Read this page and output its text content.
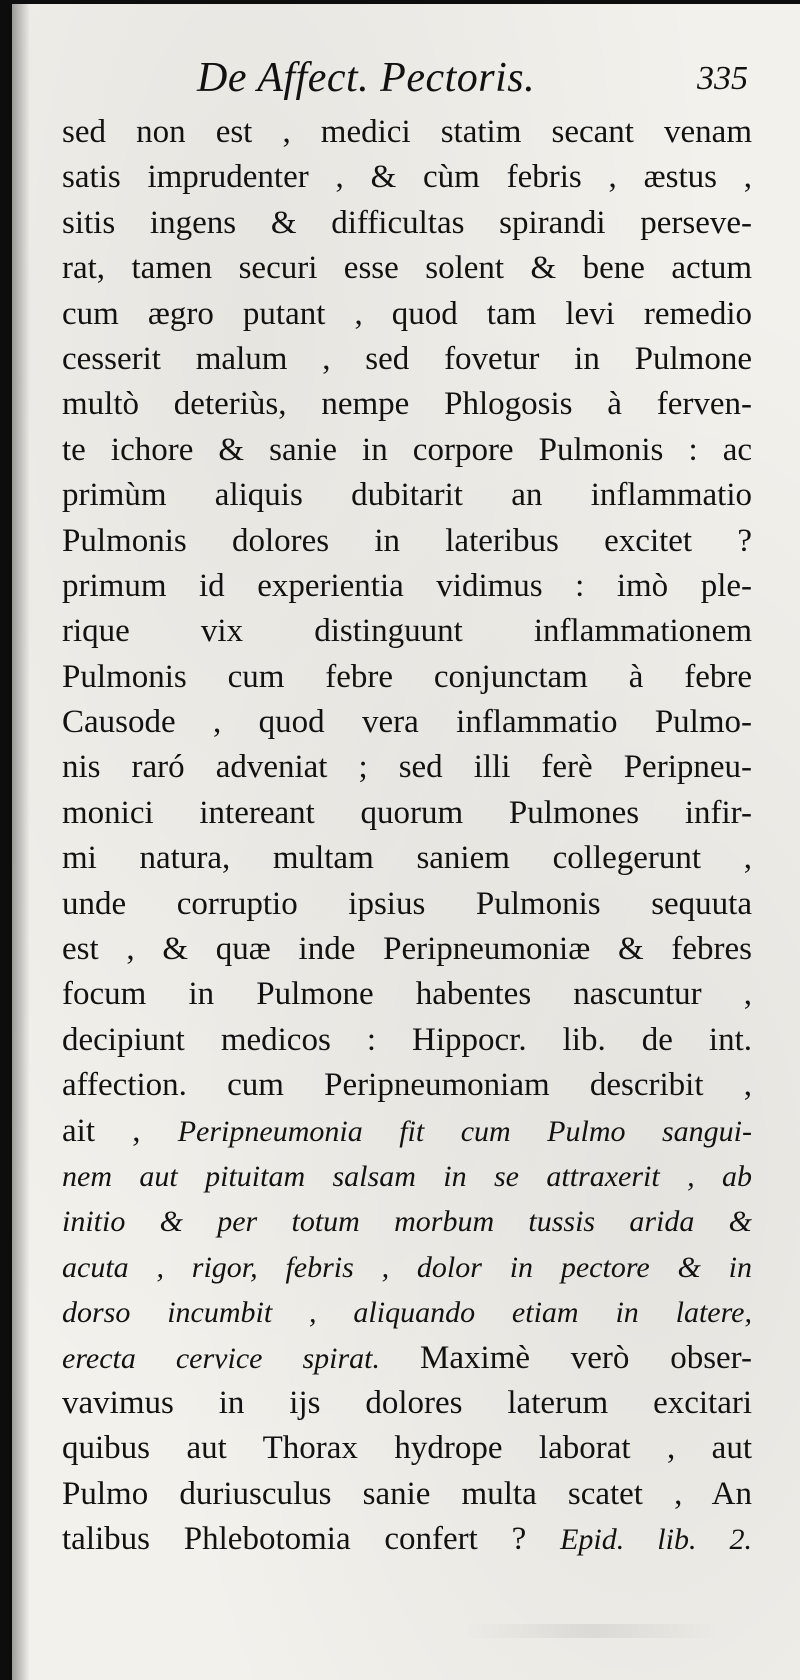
De Affect. Pectoris.	335
sed non est , medici statim secant venam
satis imprudenter , & cùm febris , æstus ,
sitis ingens & difficultas spirandi perseve-
rat, tamen securi esse solent & bene actum
cum ægro putant , quod tam levi remedio
cesserit malum , sed fovetur in Pulmone
multò deteriùs, nempe Phlogosis à ferven-
te ichore & sanie in corpore Pulmonis : ac
primùm aliquis dubitarit an inflammatio
Pulmonis dolores in lateribus excitet ?
primum id experientia vidimus : imò ple-
rique vix distinguunt inflammationem
Pulmonis cum febre conjunctam à febre
Causode , quod vera inflammatio Pulmo-
nis raró adveniat ; sed illi ferè Peripneu-
monici intereant quorum Pulmones infir-
mi natura, multam saniem collegerunt ,
unde corruptio ipsius Pulmonis sequuta
est , & quæ inde Peripneumoniæ & febres
focum in Pulmone habentes nascuntur ,
decipiunt medicos : Hippocr. lib. de int.
affection. cum Peripneumoniam describit ,
ait , Peripneumonia fit cum Pulmo sangui-
nem aut pituitam salsam in se attraxerit , ab
initio & per totum morbum tussis arida &
acuta , rigor, febris , dolor in pectore & in
dorso incumbit , aliquando etiam in latere,
erecta cervice spirat. Maximè verò obser-
vavimus in ijs dolores laterum excitari
quibus aut Thorax hydrope laborat , aut
Pulmo duriusculus sanie multa scatet , An
talibus Phlebotomia confert ? Epid. lib. 2.
